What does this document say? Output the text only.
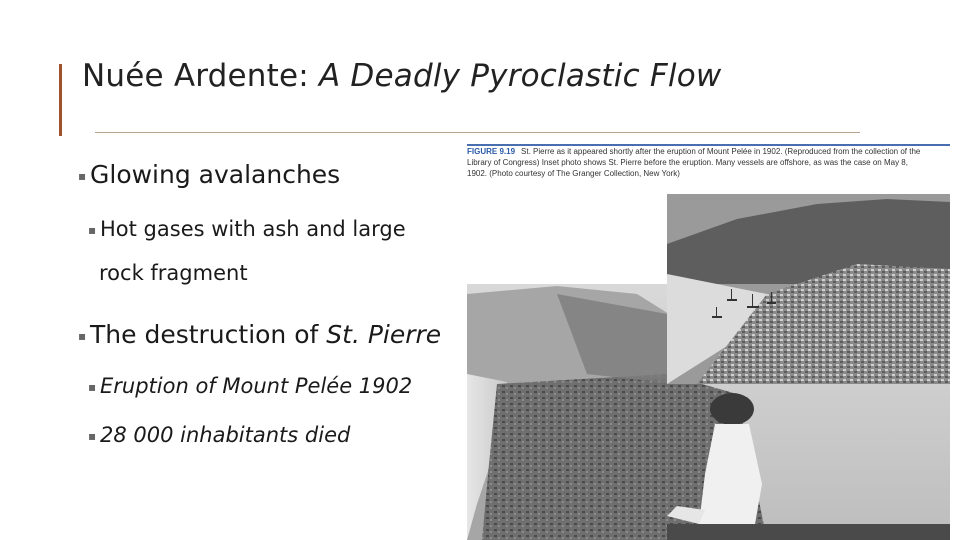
Nuée Ardente: A Deadly Pyroclastic Flow
▪ Glowing avalanches
▪ Hot gases with ash and large
rock fragment
▪ The destruction of St. Pierre
▪ Eruption of Mount Pelée 1902
▪ 28 000 inhabitants died
FIGURE 9.19 St. Pierre as it appeared shortly after the eruption of Mount Pelée in 1902. (Reproduced from the collection of the Library of Congress) Inset photo shows St. Pierre before the eruption. Many vessels are offshore, as was the case on May 8, 1902. (Photo courtesy of The Granger Collection, New York)
